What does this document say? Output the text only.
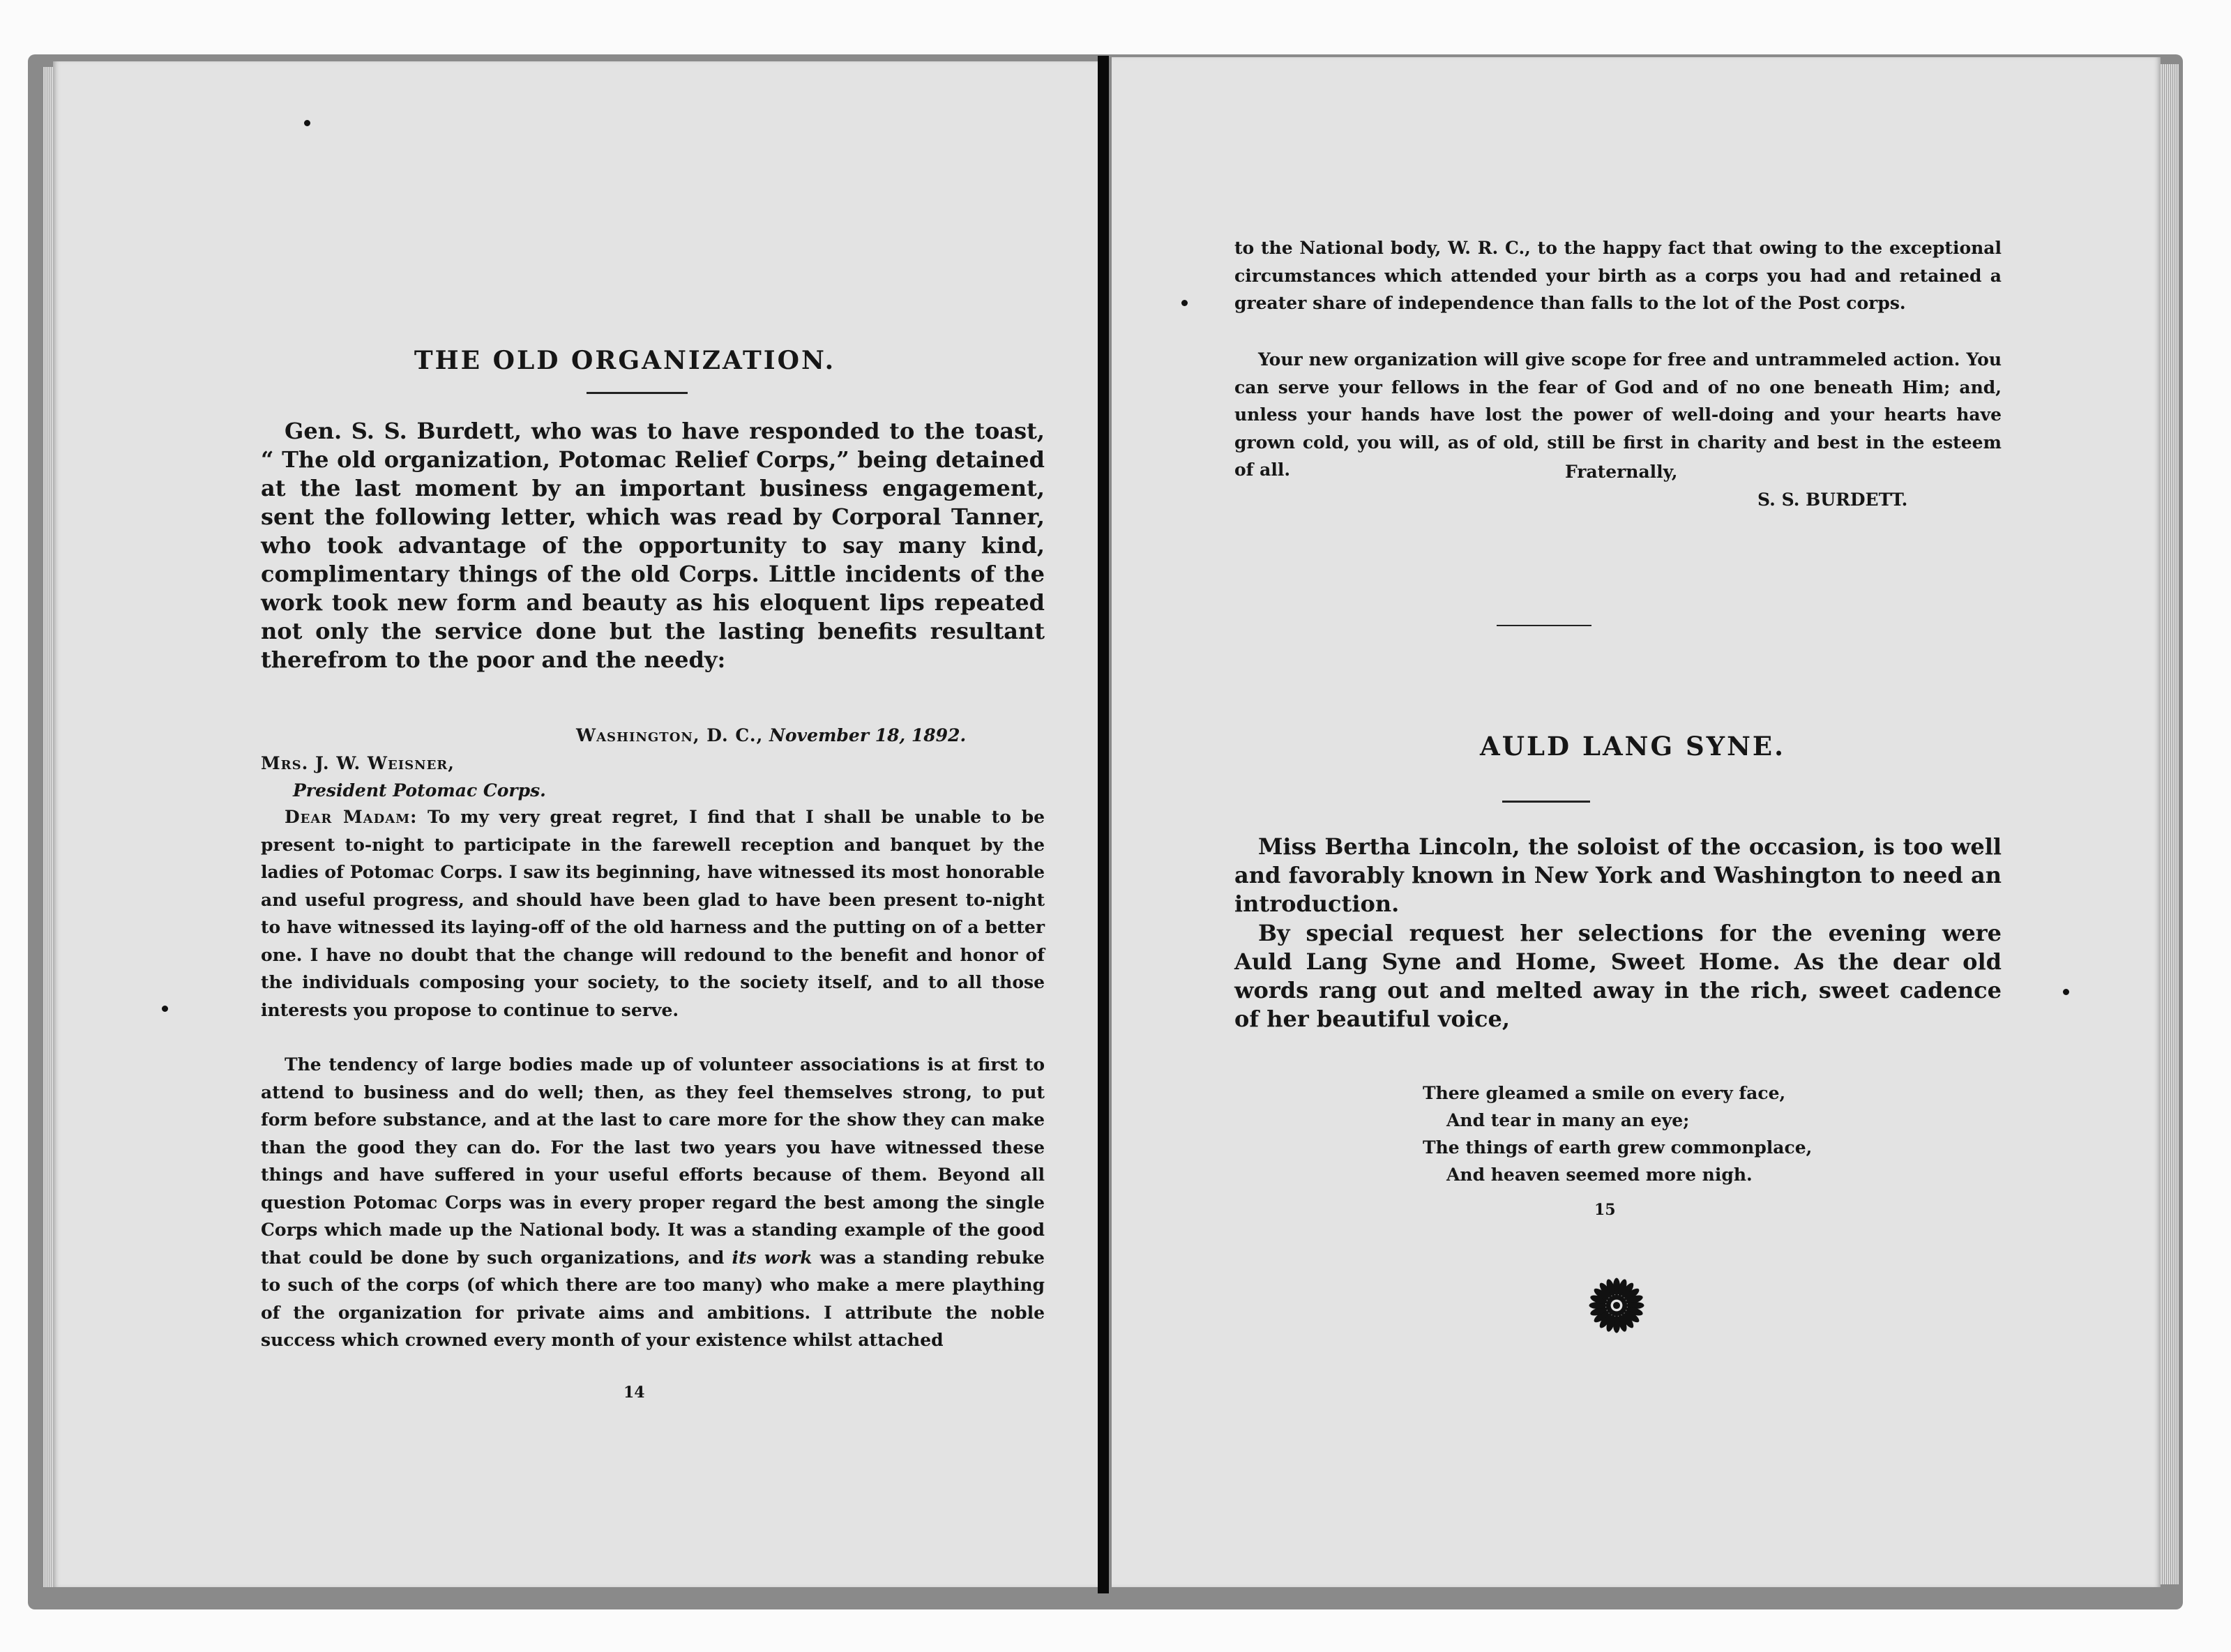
THE OLD ORGANIZATION.

Gen. S. S. Burdett, who was to have responded to the toast, “ The old organization, Potomac Relief Corps,” being detained at the last moment by an important business engagement, sent the following letter, which was read by Corporal Tanner, who took advantage of the opportunity to say many kind, complimentary things of the old Corps. Little incidents of the work took new form and beauty as his eloquent lips repeated not only the service done but the lasting benefits resultant therefrom to the poor and the needy:

Washington, D. C., November 18, 1892.
Mrs. J. W. Weisner,
President Potomac Corps.

Dear Madam: To my very great regret, I find that I shall be unable to be present to-night to participate in the farewell reception and banquet by the ladies of Potomac Corps. I saw its beginning, have witnessed its most honorable and useful progress, and should have been glad to have been present to-night to have witnessed its laying-off of the old harness and the putting on of a better one. I have no doubt that the change will redound to the benefit and honor of the individuals composing your society, to the society itself, and to all those interests you propose to continue to serve.

The tendency of large bodies made up of volunteer associations is at first to attend to business and do well; then, as they feel themselves strong, to put form before substance, and at the last to care more for the show they can make than the good they can do. For the last two years you have witnessed these things and have suffered in your useful efforts because of them. Beyond all question Potomac Corps was in every proper regard the best among the single Corps which made up the National body. It was a standing example of the good that could be done by such organizations, and its work was a standing rebuke to such of the corps (of which there are too many) who make a mere plaything of the organization for private aims and ambitions. I attribute the noble success which crowned every month of your existence whilst attached

14

to the National body, W. R. C., to the happy fact that owing to the exceptional circumstances which attended your birth as a corps you had and retained a greater share of independence than falls to the lot of the Post corps.

Your new organization will give scope for free and untrammeled action. You can serve your fellows in the fear of God and of no one beneath Him; and, unless your hands have lost the power of well-doing and your hearts have grown cold, you will, as of old, still be first in charity and best in the esteem of all.	Fraternally,
S. S. BURDETT.
AULD LANG SYNE.

Miss Bertha Lincoln, the soloist of the occasion, is too well and favorably known in New York and Washington to need an introduction.

By special request her selections for the evening were Auld Lang Syne and Home, Sweet Home. As the dear old words rang out and melted away in the rich, sweet cadence of her beautiful voice,

There gleamed a smile on every face,
And tear in many an eye;
The things of earth grew commonplace,
And heaven seemed more nigh.
15
